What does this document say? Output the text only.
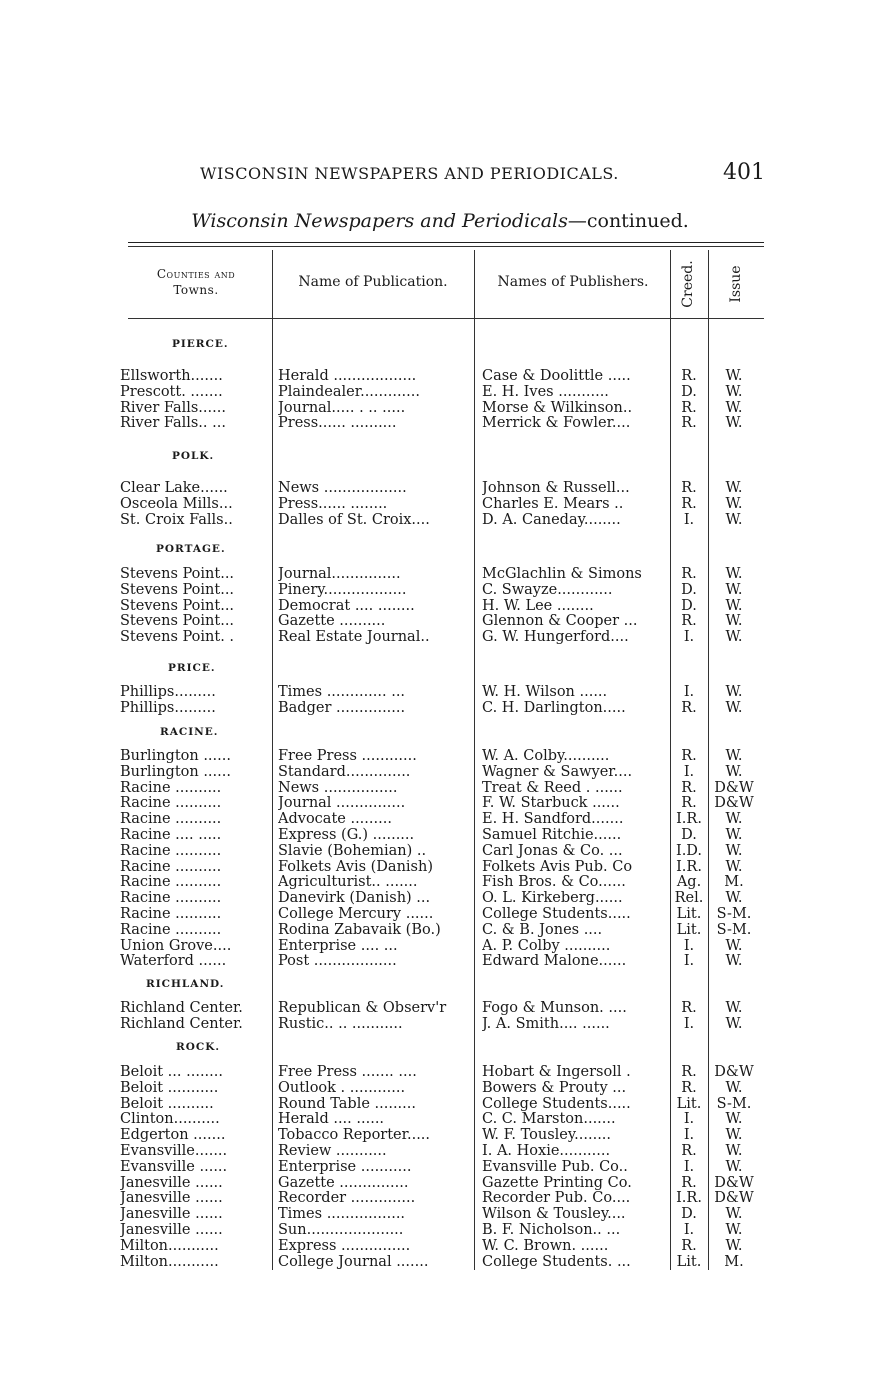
WISCONSIN NEWSPAPERS AND PERIODICALS.	401
Wisconsin Newspapers and Periodicals—continued.
Counties and
Towns.	Name of Publication.	Names of Publishers.	Creed. Issue
Ellsworth.......	Herald ..................	Case & Doolittle .....	R.	W.
Prescott. .......	Plaindealer.............	E. H. Ives ...........	D.	W.
River Falls......	Journal..... . .. .....	Morse & Wilkinson..	R.	W.
River Falls.. ...	Press...... ..........	Merrick & Fowler....	R.	W.
Clear Lake......	News ..................	Johnson & Russell...	R.	W.
Osceola Mills...	Press...... ........	Charles E. Mears ..	R.	W.
St. Croix Falls..	Dalles of St. Croix....	D. A. Caneday........	I.	W.
Stevens Point...	Journal...............	McGlachlin & Simons	R.	W.
Stevens Point...	Pinery..................	C. Swayze............	D.	W.
Stevens Point...	Democrat .... ........	H. W. Lee ........	D.	W.
Stevens Point...	Gazette ..........	Glennon & Cooper ...	R.	W.
Stevens Point. .	Real Estate Journal..	G. W. Hungerford....	I.	W.
Phillips.........	Times ............. ...	W. H. Wilson ......	I.	W.
Phillips.........	Badger ...............	C. H. Darlington.....	R.	W.
Burlington ......	Free Press ............	W. A. Colby..........	R.	W.
Burlington ......	Standard..............	Wagner & Sawyer....	I.	W.
Racine ..........	News ................	Treat & Reed . ......	R.	D&W
Racine ..........	Journal ...............	F. W. Starbuck ......	R.	D&W
Racine ..........	Advocate .........	E. H. Sandford.......	I.R.	W.
Racine .... .....	Express (G.) .........	Samuel Ritchie......	D.	W.
Racine ..........	Slavie (Bohemian) ..	Carl Jonas & Co. ...	I.D.	W.
Racine ..........	Folkets Avis (Danish)	Folkets Avis Pub. Co	I.R.	W.
Racine ..........	Agriculturist.. .......	Fish Bros. & Co......	Ag.	M.
Racine ..........	Danevirk (Danish) ...	O. L. Kirkeberg......	Rel.	W.
Racine ..........	College Mercury ......	College Students.....	Lit.	S-M.
Racine ..........	Rodina Zabavaik (Bo.)	C. & B. Jones ....	Lit.	S-M.
Union Grove....	Enterprise .... ...	A. P. Colby ..........	I.	W.
Waterford ......	Post ..................	Edward Malone......	I.	W.
Richland Center.	Republican & Observ'r	Fogo & Munson. ....	R.	W.
Richland Center.	Rustic.. .. ...........	J. A. Smith.... ......	I.	W.
Beloit ... ........	Free Press ....... ....	Hobart & Ingersoll .	R.	D&W
Beloit ...........	Outlook . ............	Bowers & Prouty ...	R.	W.
Beloit ..........	Round Table .........	College Students.....	Lit.	S-M.
Clinton..........	Herald .... ......	C. C. Marston.......	I.	W.
Edgerton .......	Tobacco Reporter.....	W. F. Tousley........	I.	W.
Evansville.......	Review ...........	I. A. Hoxie...........	R.	W.
Evansville ......	Enterprise ...........	Evansville Pub. Co..	I.	W.
Janesville ......	Gazette ...............	Gazette Printing Co.	R.	D&W
Janesville ......	Recorder ..............	Recorder Pub. Co....	I.R. D&W
Janesville ......	Times .................	Wilson & Tousley....	D.	W.
Janesville ......	Sun.....................	B. F. Nicholson.. ...	I.	W.
Milton...........	Express ...............	W. C. Brown. ......	R.	W.
Milton...........	College Journal .......	College Students. ...	Lit.	M.
PIERCE.
POLK.
PORTAGE.
PRICE.
RACINE.
RICHLAND.
ROCK.
